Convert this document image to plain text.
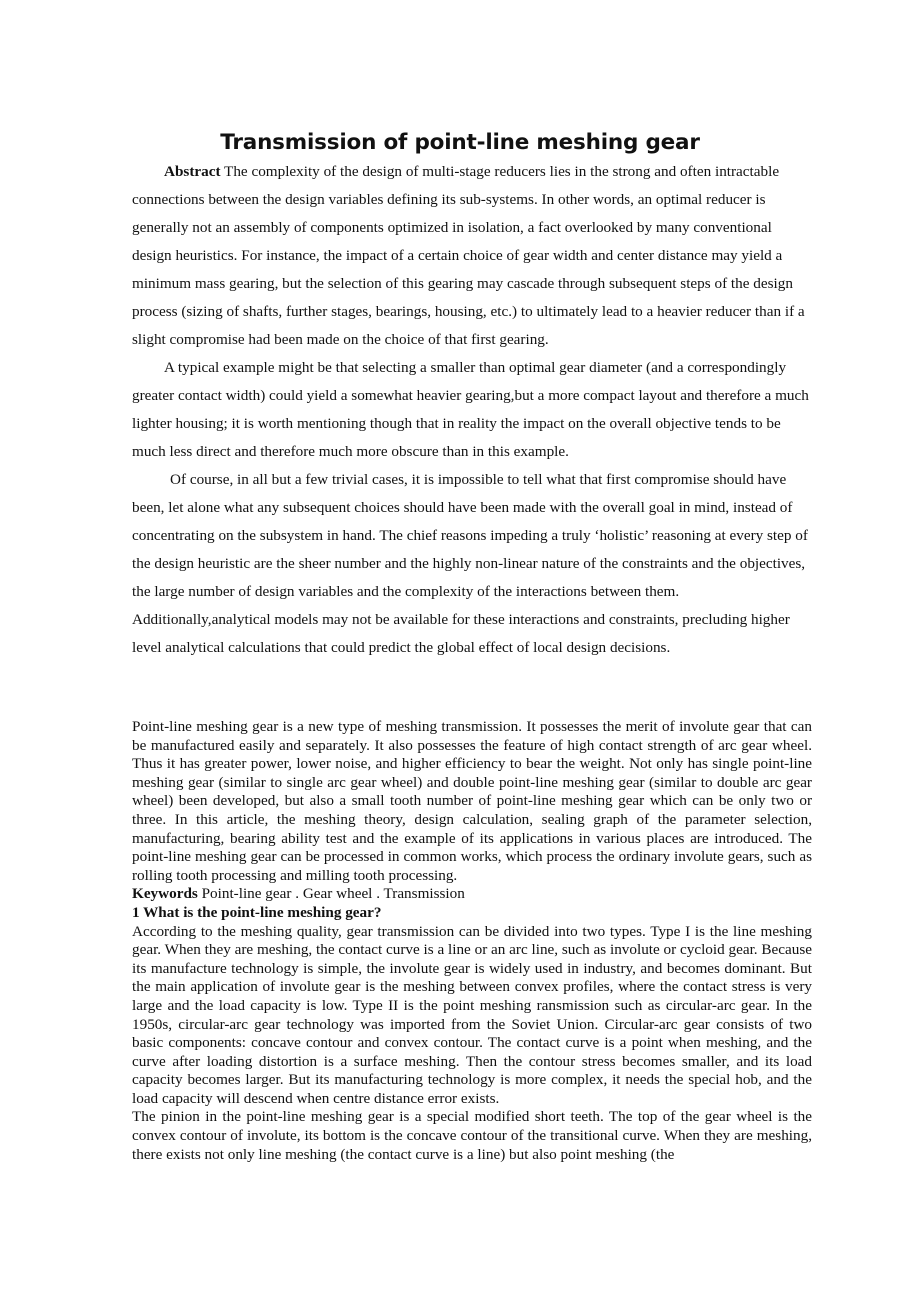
Transmission of point-line meshing gear

Abstract The complexity of the design of multi-stage reducers lies in the strong and often intractable connections between the design variables defining its sub-systems. In other words, an optimal reducer is generally not an assembly of components optimized in isolation, a fact overlooked by many conventional design heuristics. For instance, the impact of a certain choice of gear width and center distance may yield a minimum mass gearing, but the selection of this gearing may cascade through subsequent steps of the design process (sizing of shafts, further stages, bearings, housing, etc.) to ultimately lead to a heavier reducer than if a slight compromise had been made on the choice of that first gearing.

A typical example might be that selecting a smaller than optimal gear diameter (and a correspondingly greater contact width) could yield a somewhat heavier gearing,but a more compact layout and therefore a much lighter housing; it is worth mentioning though that in reality the impact on the overall objective tends to be much less direct and therefore much more obscure than in this example.

Of course, in all but a few trivial cases, it is impossible to tell what that first compromise should have been, let alone what any subsequent choices should have been made with the overall goal in mind, instead of concentrating on the subsystem in hand. The chief reasons impeding a truly ‘holistic’ reasoning at every step of the design heuristic are the sheer number and the highly non-linear nature of the constraints and the objectives, the large number of design variables and the complexity of the interactions between them. Additionally,analytical models may not be available for these interactions and constraints, precluding higher level analytical calculations that could predict the global effect of local design decisions.

Point-line meshing gear is a new type of meshing transmission. It possesses the merit of involute gear that can be manufactured easily and separately. It also possesses the feature of high contact strength of arc gear wheel. Thus it has greater power, lower noise, and higher efficiency to bear the weight. Not only has single point-line meshing gear (similar to single arc gear wheel) and double point-line meshing gear (similar to double arc gear wheel) been developed, but also a small tooth number of point-line meshing gear which can be only two or three. In this article, the meshing theory, design calculation, sealing graph of the parameter selection, manufacturing, bearing ability test and the example of its applications in various places are introduced. The point-line meshing gear can be processed in common works, which process the ordinary involute gears, such as rolling tooth processing and milling tooth processing.

Keywords Point-line gear . Gear wheel . Transmission

1 What is the point-line meshing gear?

According to the meshing quality, gear transmission can be divided into two types. Type I is the line meshing gear. When they are meshing, the contact curve is a line or an arc line, such as involute or cycloid gear. Because its manufacture technology is simple, the involute gear is widely used in industry, and becomes dominant. But the main application of involute gear is the meshing between convex profiles, where the contact stress is very large and the load capacity is low. Type II is the point meshing ransmission such as circular-arc gear. In the 1950s, circular-arc gear technology was imported from the Soviet Union. Circular-arc gear consists of two basic components: concave contour and convex contour. The contact curve is a point when meshing, and the curve after loading distortion is a surface meshing. Then the contour stress becomes smaller, and its load capacity becomes larger. But its manufacturing technology is more complex, it needs the special hob, and the load capacity will descend when centre distance error exists.

The pinion in the point-line meshing gear is a special modified short teeth. The top of the gear wheel is the convex contour of involute, its bottom is the concave contour of the transitional curve. When they are meshing, there exists not only line meshing (the contact curve is a line) but also point meshing (the
